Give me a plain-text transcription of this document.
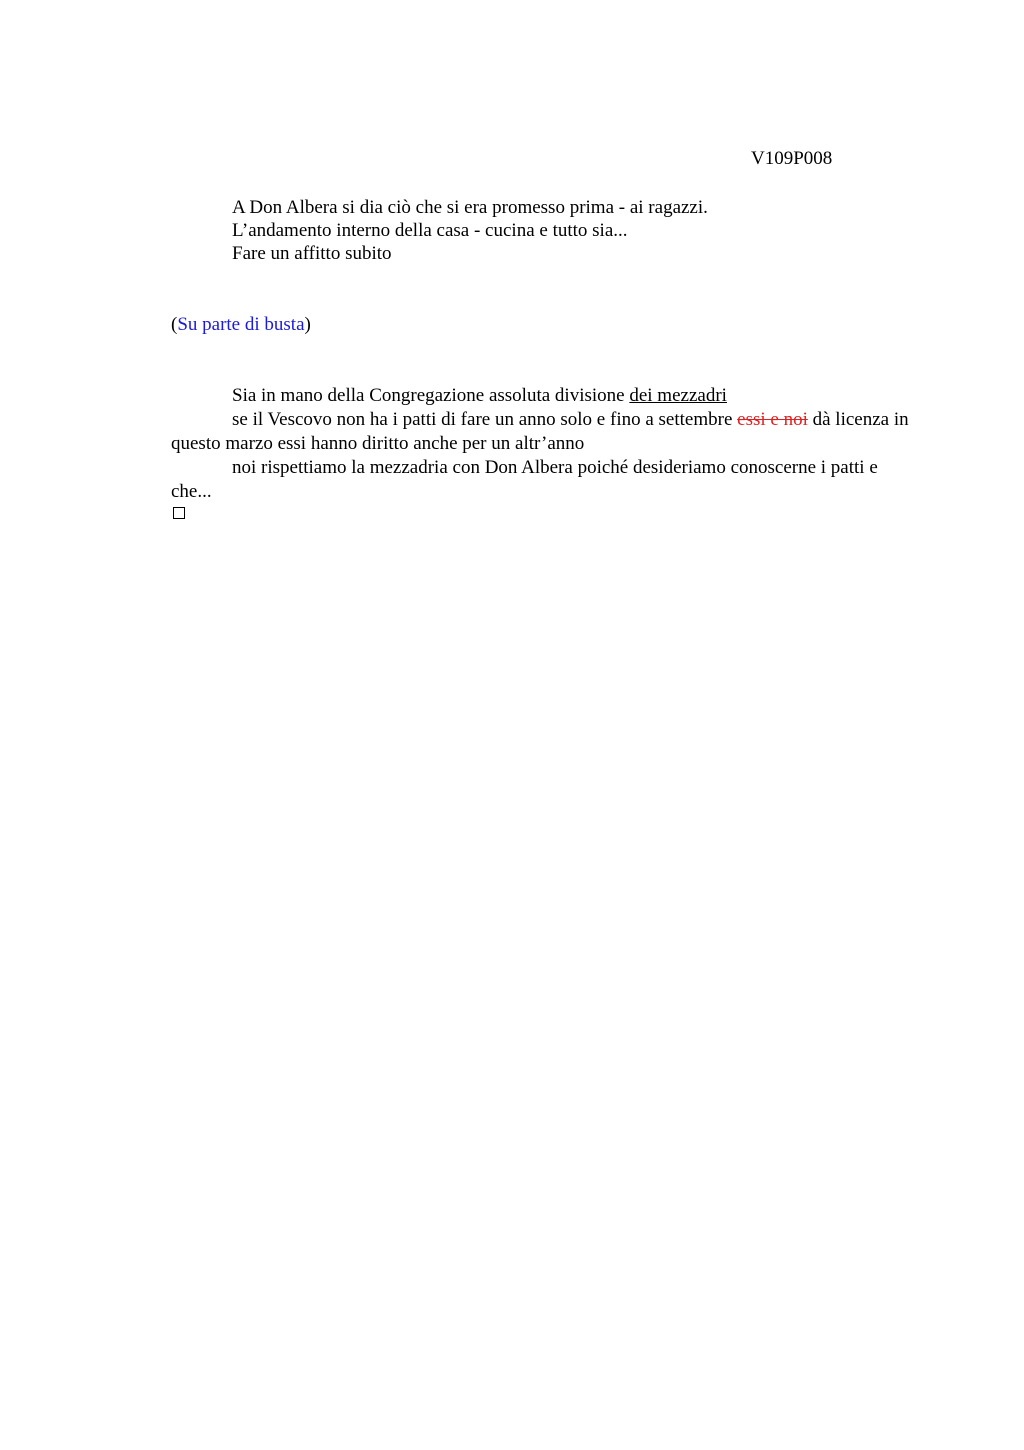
V109P008
A Don Albera si dia ciò che si era promesso prima - ai ragazzi.
L’andamento interno della casa - cucina e tutto sia...
Fare un affitto subito
(Su parte di busta)

Sia in mano della Congregazione assoluta divisione dei mezzadri

se il Vescovo non ha i patti di fare un anno solo e fino a settembre essi e noi dà licenza in questo marzo essi hanno diritto anche per un altr’anno

noi rispettiamo la mezzadria con Don Albera poiché desideriamo conoscerne i patti e che...
